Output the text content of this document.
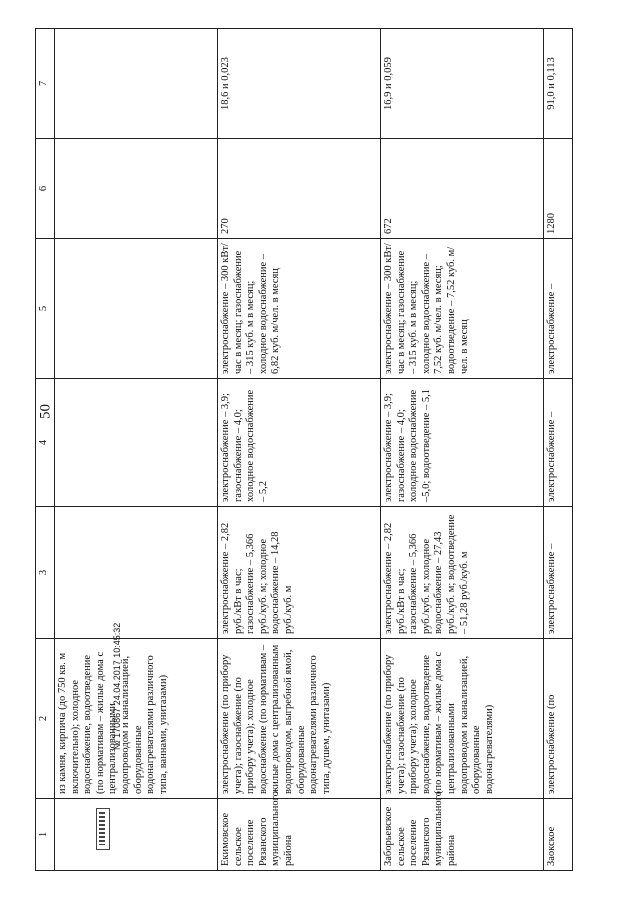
50
1	2	3	4	5	6	7
	из камня, кирпича (до 750 кв. м включительно); холодное водоснабжение, водоотведение (по нормативам – жилые дома с централизованными водопроводом и канализацией, оборудованные водонагревателями различного типа, ваннами, унитазами)					
Екимовское сельское поселение Рязанского муниципального района	электроснабжение (по прибору учета); газоснабжение (по прибору учета); холодное водоснабжение (по нормативам – жилые дома с централизованным водопроводом, выгребной ямой, оборудованные водонагревателями различного типа, душем, унитазами)	электроснабжение – 2,82 руб./кВт в час; газоснабжение – 5,366 руб./куб. м; холодное водоснабжение – 14,28 руб./куб. м	электроснабжение – 3,9; газоснабжение – 4,0; холодное водоснабжение – 5,2	электроснабжение – 300 кВт/час в месяц; газоснабжение – 315 куб. м в месяц; холодное водоснабжение – 6,82 куб. м/чел. в месяц	270	18,6 и 0,023
Заборьевское сельское поселение Рязанского муниципального района	электроснабжение (по прибору учета); газоснабжение (по прибору учета); холодное водоснабжение, водоотведение (по нормативам – жилые дома с централизованными водопроводом и канализацией, оборудованные водонагревателями)	электроснабжение – 2,82 руб./кВт в час; газоснабжение – 5,366 руб./куб. м; холодное водоснабжение – 27,43 руб./куб. м; водоотведение – 51,28 руб./куб. м	электроснабжение – 3,9; газоснабжение – 4,0; холодное водоснабжение –5,0; водоотведение – 5,1	электроснабжение – 300 кВт/час в месяц; газоснабжение – 315 куб. м в месяц; холодное водоснабжение – 7,52 куб. м/чел. в месяц; водоотведение – 7,52 куб. м/чел. в месяц	672	16,9 и 0,059
Заокское	электроснабжение (по	электроснабжение –	электроснабжение –	электроснабжение –	1280	91,0 и 0,113
№ 170867 24.04.2017 10:45:32
